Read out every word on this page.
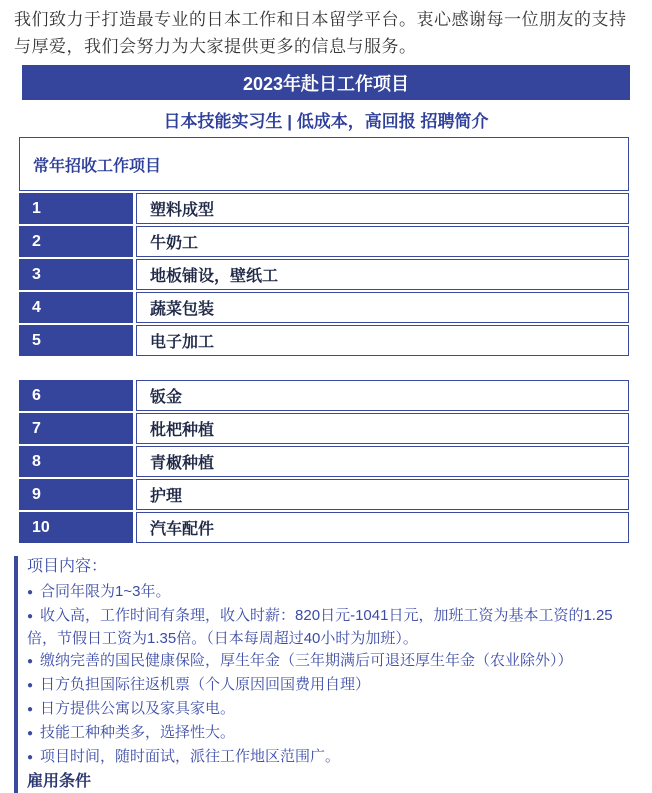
我们致力于打造最专业的日本工作和日本留学平台。衷心感谢每一位朋友的支持与厚爱，我们会努力为大家提供更多的信息与服务。

2023年赴日工作项目
日本技能实习生 | 低成本，高回报 招聘简介
常年招收工作项目
1	塑料成型
2	牛奶工
3	地板铺设，壁纸工
4	蔬菜包装
5	电子加工
6	钣金
7	枇杷种植
8	青椒种植
9	护理
10	汽车配件
项目内容：

● 合同年限为1~3年。

● 收入高，工作时间有条理，收入时薪：820日元-1041日元，加班工资为基本工资的1.25倍，节假日工资为1.35倍。（日本每周超过40小时为加班）。

● 缴纳完善的国民健康保险，厚生年金（三年期满后可退还厚生年金（农业除外））

● 日方负担国际往返机票（个人原因回国费用自理）

● 日方提供公寓以及家具家电。

● 技能工种种类多，选择性大。

● 项目时间，随时面试，派往工作地区范围广。

雇用条件
